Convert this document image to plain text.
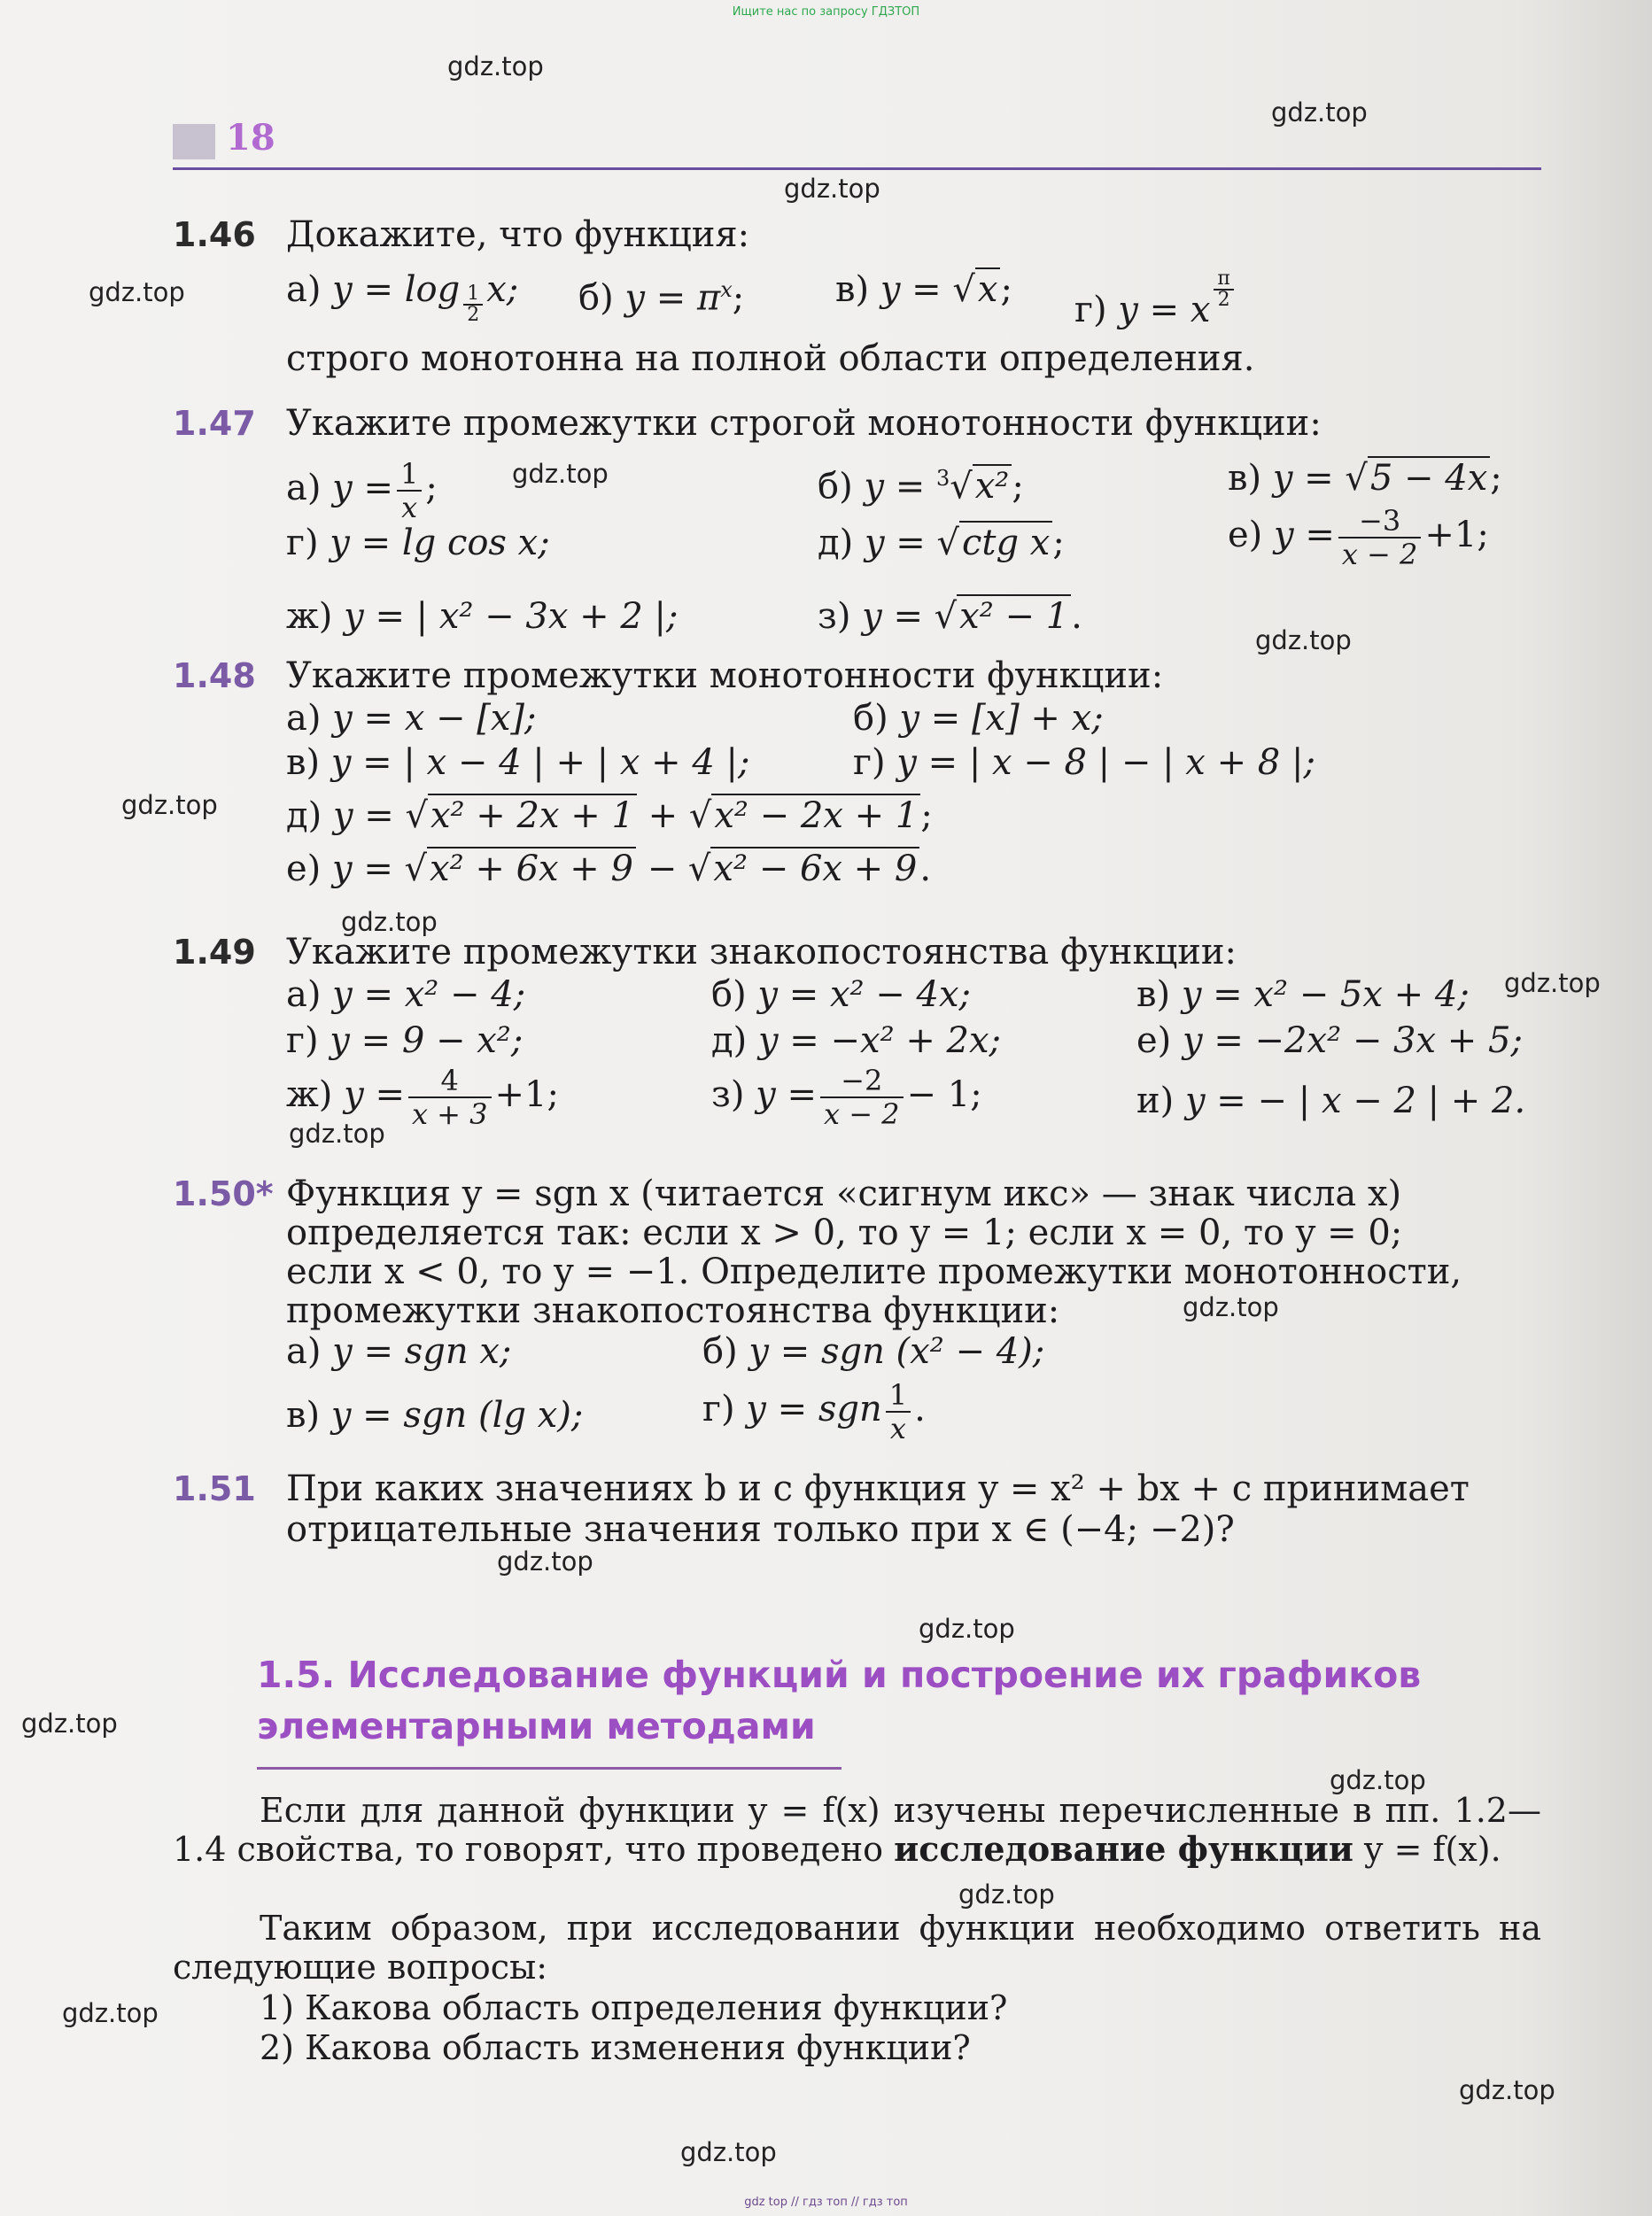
Ищите нас по запросу ГДЗТОП
gdz.top
gdz.top
gdz.top
gdz.top
gdz.top
gdz.top
gdz.top
gdz.top
gdz.top
gdz.top
gdz.top
gdz.top
gdz.top
gdz.top
gdz.top
gdz.top
gdz.top
gdz.top
gdz.top
18
1.46 Докажите, что функция:
а) $y = \log \frac{1}{2} x$; б) $y = \pi^x$;	в) y = √x; г) y = x $\frac{\pi}{2}$
строго монотонна на полной области определения.
1.47 Укажите промежутки строгой монотонности функции:
а) $y = \frac{1}{x}$ ;	б) y = $^3$√x²;	в) y = √5 − 4x;
г) y = lg cos x;	д) y = √ctg x;	е) $y = \frac{-3}{x - 2} +1$;
ж) y = | x² − 3x + 2 |;	з) y = √x² − 1.
1.48 Укажите промежутки монотонности функции:
а) y = x − [x];	б) y = [x] + x;
в) y = | x − 4 | + | x + 4 |;	г) y = | x − 8 | − | x + 8 |;
д) y = √x² + 2x + 1 + √x² − 2x + 1;
е) y = √x² + 6x + 9 − √x² − 6x + 9.
1.49 Укажите промежутки знакопостоянства функции:
а) y = x² − 4;	б) y = x² − 4x;	в) y = x² − 5x + 4;
г) y = 9 − x²;	д) y = −x² + 2x;	е) y = −2x² − 3x + 5;
ж) $y = \frac{4}{x + 3} +1$;	з) $y = \frac{-2}{x - 2} - 1$;	и) y = − | x − 2 | + 2.
1.50* Функция y = sgn x (читается «сигнум икс» — знак числа x)
определяется так: если x > 0, то y = 1; если x = 0, то y = 0;
если x < 0, то y = −1. Определите промежутки монотонности,
промежутки знакопостоянства функции:
а) y = sgn x;	б) y = sgn (x² − 4);
в) y = sgn (lg x);	г) y = sgn $\frac{1}{x}$ .
1.51 При каких значениях b и c функция y = x² + bx + c принимает
отрицательные значения только при x ∈ (−4; −2)?
1.5. Исследование функций и построение их графиков
элементарными методами
Если для данной функции y = f(x) изучены перечисленные в пп. 1.2—1.4 свойства, то говорят, что проведено исследование функции y = f(x).
Таким образом, при исследовании функции необходимо ответить на следующие вопросы:
1) Какова область определения функции?
2) Какова область изменения функции?
gdz top // гдз топ // гдз топ
